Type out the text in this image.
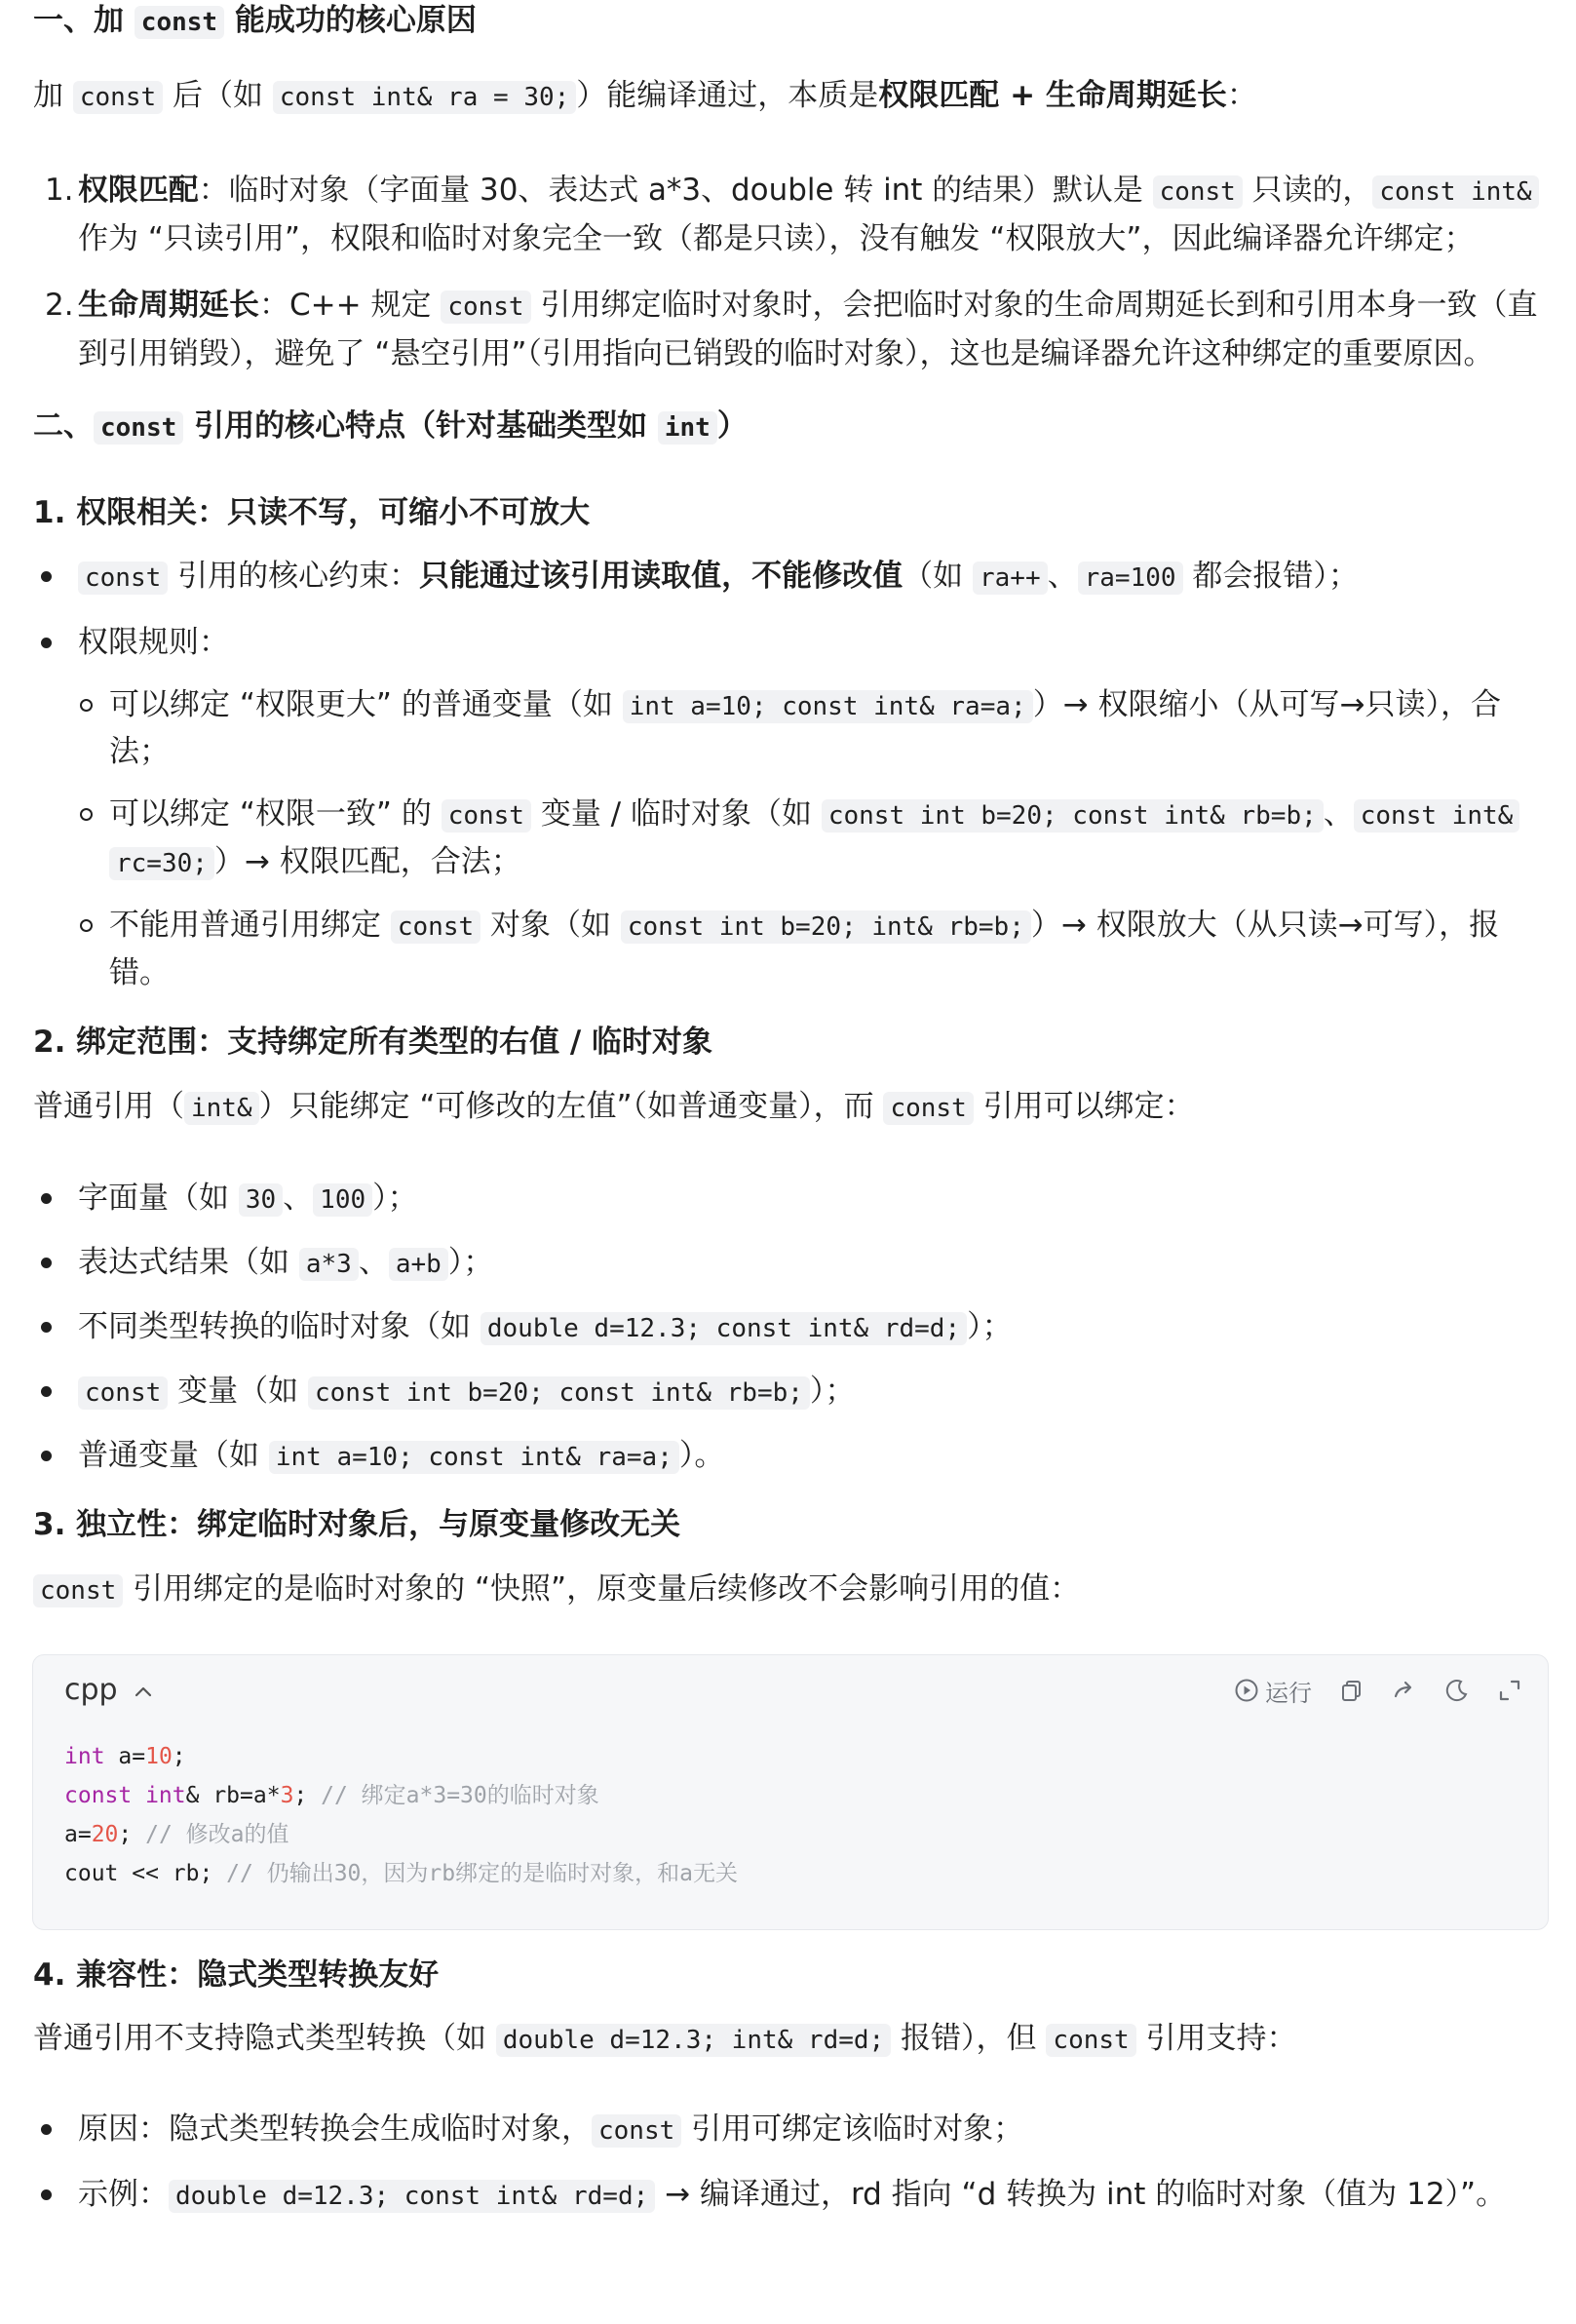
一、加 const 能成功的核心原因
加 const 后（如 const int& ra = 30; ）能编译通过，本质是权限匹配 + 生命周期延长：
1. 权限匹配：临时对象（字面量 30、表达式 a*3、double 转 int 的结果）默认是 const 只读的， const int&
作为 “只读引用”，权限和临时对象完全一致（都是只读），没有触发 “权限放大”，因此编译器允许绑定；
2. 生命周期延长：C++ 规定 const 引用绑定临时对象时，会把临时对象的生命周期延长到和引用本身一致（直
到引用销毁），避免了 “悬空引用”（引用指向已销毁的临时对象），这也是编译器允许这种绑定的重要原因。
二、 const 引用的核心特点（针对基础类型如 int ）
1. 权限相关：只读不写，可缩小不可放大
const 引用的核心约束：只能通过该引用读取值，不能修改值（如 ra++ 、 ra=100 都会报错）；
权限规则：
可以绑定 “权限更大” 的普通变量（如 int a=10; const int& ra=a; ）→ 权限缩小（从可写→只读），合
法；
可以绑定 “权限一致” 的 const 变量 / 临时对象（如 const int b=20; const int& rb=b; 、 const int&
rc=30; ）→ 权限匹配，合法；
不能用普通引用绑定 const 对象（如 const int b=20; int& rb=b; ）→ 权限放大（从只读→可写），报
错。
2. 绑定范围：支持绑定所有类型的右值 / 临时对象
普通引用（ int& ）只能绑定 “可修改的左值”（如普通变量），而 const 引用可以绑定：
字面量（如 30 、 100 ）；
表达式结果（如 a*3 、 a+b ）；
不同类型转换的临时对象（如 double d=12.3; const int& rd=d; ）；
const 变量（如 const int b=20; const int& rb=b; ）；
普通变量（如 int a=10; const int& ra=a; ）。
3. 独立性：绑定临时对象后，与原变量修改无关
const 引用绑定的是临时对象的 “快照”，原变量后续修改不会影响引用的值：
cpp	运行
int a=10;
const int& rb=a*3; // 绑定a*3=30的临时对象
a=20; // 修改a的值
cout << rb; // 仍输出30，因为rb绑定的是临时对象，和a无关
4. 兼容性：隐式类型转换友好
普通引用不支持隐式类型转换（如 double d=12.3; int& rd=d; 报错），但 const 引用支持：
原因：隐式类型转换会生成临时对象， const 引用可绑定该临时对象；
示例： double d=12.3; const int& rd=d; → 编译通过，rd 指向 “d 转换为 int 的临时对象（值为 12）”。
